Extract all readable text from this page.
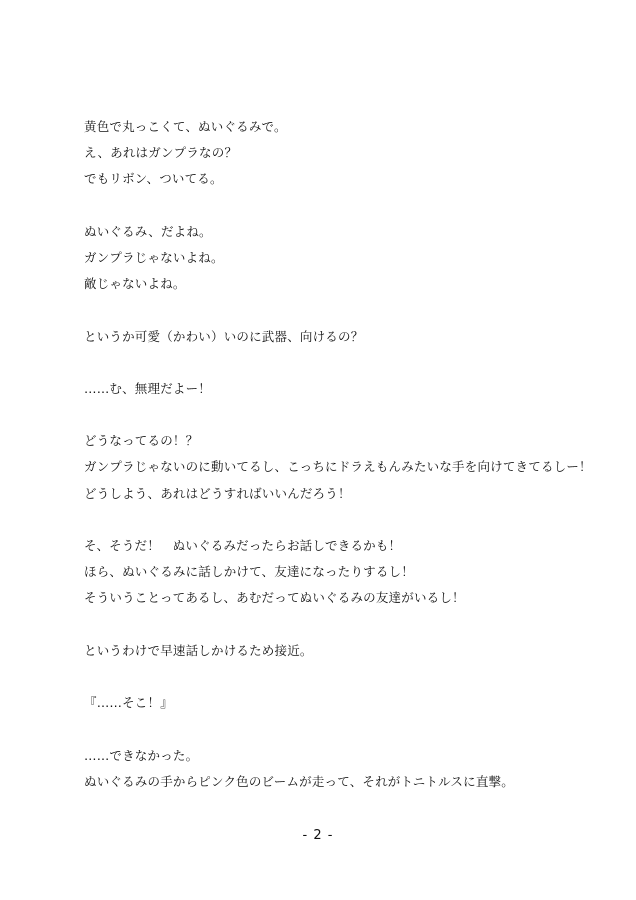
黄色で丸っこくて、ぬいぐるみで。
え、あれはガンプラなの？
でもリボン、ついてる。
ぬいぐるみ、だよね。
ガンプラじゃないよね。
敵じゃないよね。
というか可愛（かわい）いのに武器、向けるの？
……む、無理だよー！
どうなってるの！？
ガンプラじゃないのに動いてるし、こっちにドラえもんみたいな手を向けてきてるしー！
どうしよう、あれはどうすればいいんだろう！
そ、そうだ！　ぬいぐるみだったらお話しできるかも！
ほら、ぬいぐるみに話しかけて、友達になったりするし！
そういうことってあるし、あむだってぬいぐるみの友達がいるし！
というわけで早速話しかけるため接近。
『……そこ！』
……できなかった。
ぬいぐるみの手からピンク色のビームが走って、それがトニトルスに直撃。
- 2 -
